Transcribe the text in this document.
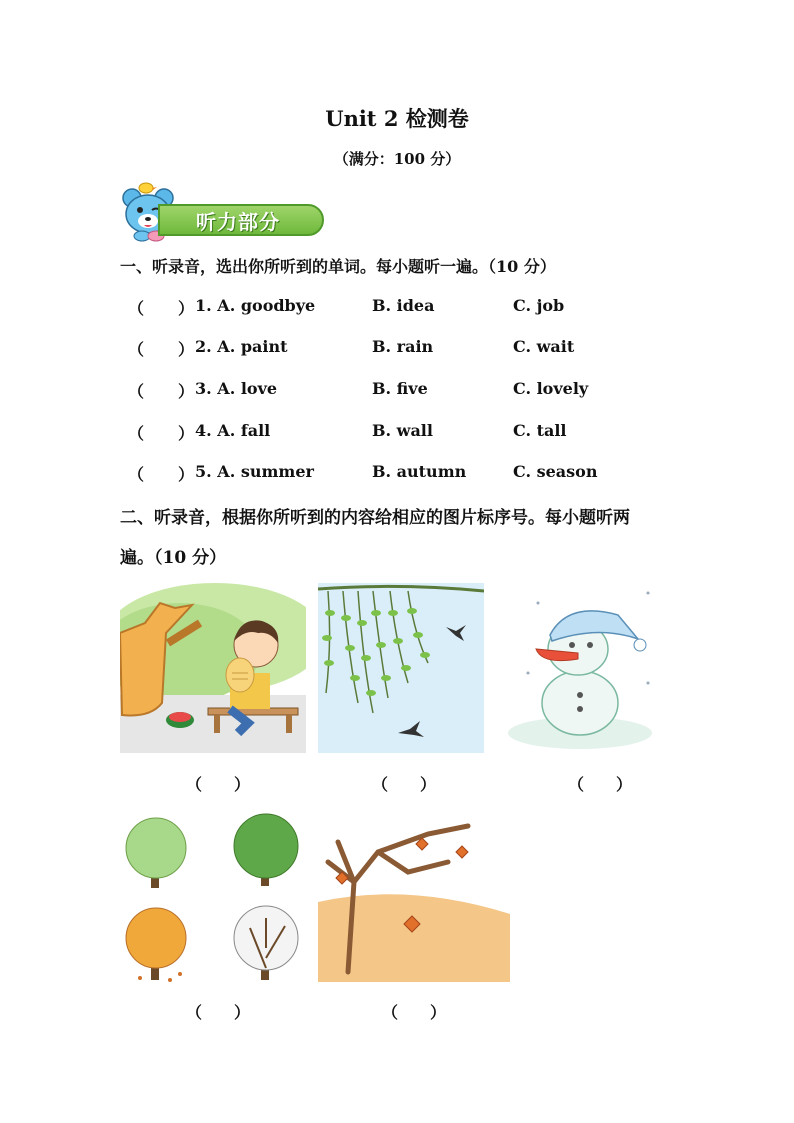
Unit 2 检测卷
（满分：100 分）
听力部分
一、听录音，选出你所听到的单词。每小题听一遍。（10 分）
（ ） 1. A. goodbye	B. idea	C. job
（ ） 2. A. paint	B. rain	C. wait
（ ） 3. A. love	B. five	C. lovely
（ ） 4. A. fall	B. wall	C. tall
（ ） 5. A. summer	B. autumn	C. season
二、听录音，根据你所听到的内容给相应的图片标序号。每小题听两
遍。（10 分）
（　　）	（　　）	（　　）
（　　）	（　　）
